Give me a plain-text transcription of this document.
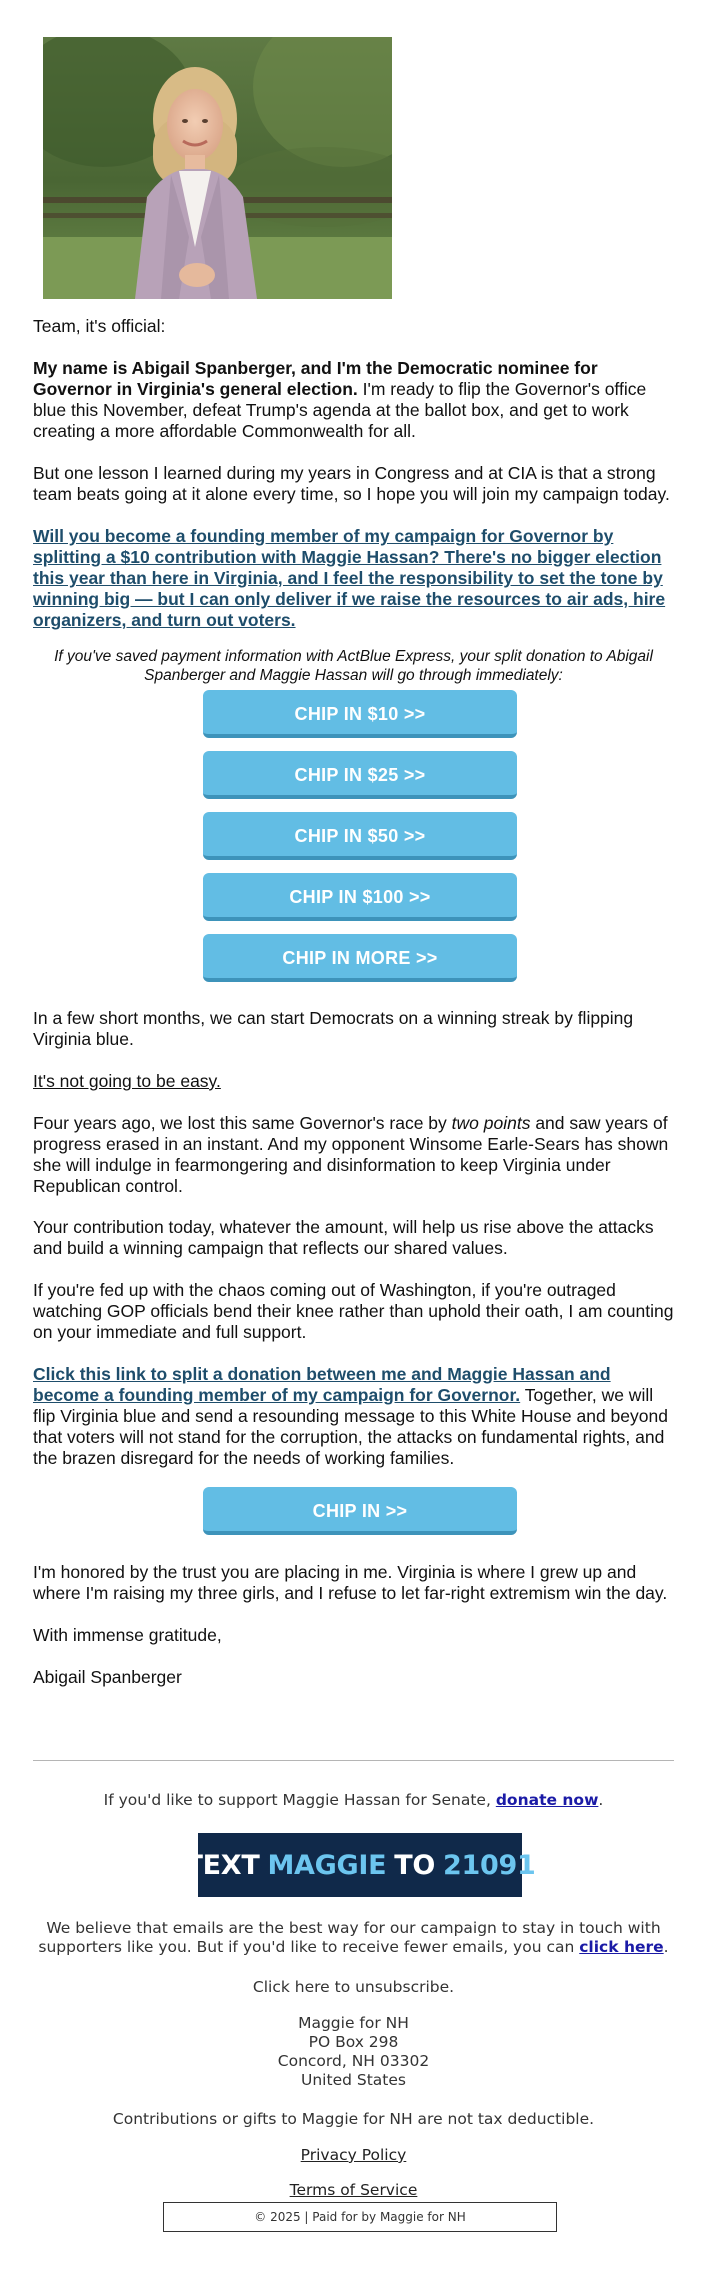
Team, it's official:

My name is Abigail Spanberger, and I'm the Democratic nominee for Governor in Virginia's general election. I'm ready to flip the Governor's office blue this November, defeat Trump's agenda at the ballot box, and get to work creating a more affordable Commonwealth for all.

But one lesson I learned during my years in Congress and at CIA is that a strong team beats going at it alone every time, so I hope you will join my campaign today.

Will you become a founding member of my campaign for Governor by splitting a $10 contribution with Maggie Hassan? There's no bigger election this year than here in Virginia, and I feel the responsibility to set the tone by winning big — but I can only deliver if we raise the resources to air ads, hire organizers, and turn out voters.

If you've saved payment information with ActBlue Express, your split donation to Abigail Spanberger and Maggie Hassan will go through immediately:
CHIP IN $10 >>
CHIP IN $25 >>
CHIP IN $50 >>
CHIP IN $100 >>
CHIP IN MORE >>

In a few short months, we can start Democrats on a winning streak by flipping Virginia blue.

It's not going to be easy.

Four years ago, we lost this same Governor's race by two points and saw years of progress erased in an instant. And my opponent Winsome Earle-Sears has shown she will indulge in fearmongering and disinformation to keep Virginia under Republican control.

Your contribution today, whatever the amount, will help us rise above the attacks and build a winning campaign that reflects our shared values.

If you're fed up with the chaos coming out of Washington, if you're outraged watching GOP officials bend their knee rather than uphold their oath, I am counting on your immediate and full support.

Click this link to split a donation between me and Maggie Hassan and become a founding member of my campaign for Governor. Together, we will flip Virginia blue and send a resounding message to this White House and beyond that voters will not stand for the corruption, the attacks on fundamental rights, and the brazen disregard for the needs of working families.

CHIP IN >>

I'm honored by the trust you are placing in me. Virginia is where I grew up and where I'm raising my three girls, and I refuse to let far-right extremism win the day.

With immense gratitude,

Abigail Spanberger

If you'd like to support Maggie Hassan for Senate, donate now.
TEXT MAGGIE TO 21091
We believe that emails are the best way for our campaign to stay in touch with supporters like you. But if you'd like to receive fewer emails, you can click here.
Click here to unsubscribe.
Maggie for NH
PO Box 298
Concord, NH 03302
United States
Contributions or gifts to Maggie for NH are not tax deductible.
Privacy Policy
Terms of Service
© 2025 | Paid for by Maggie for NH
